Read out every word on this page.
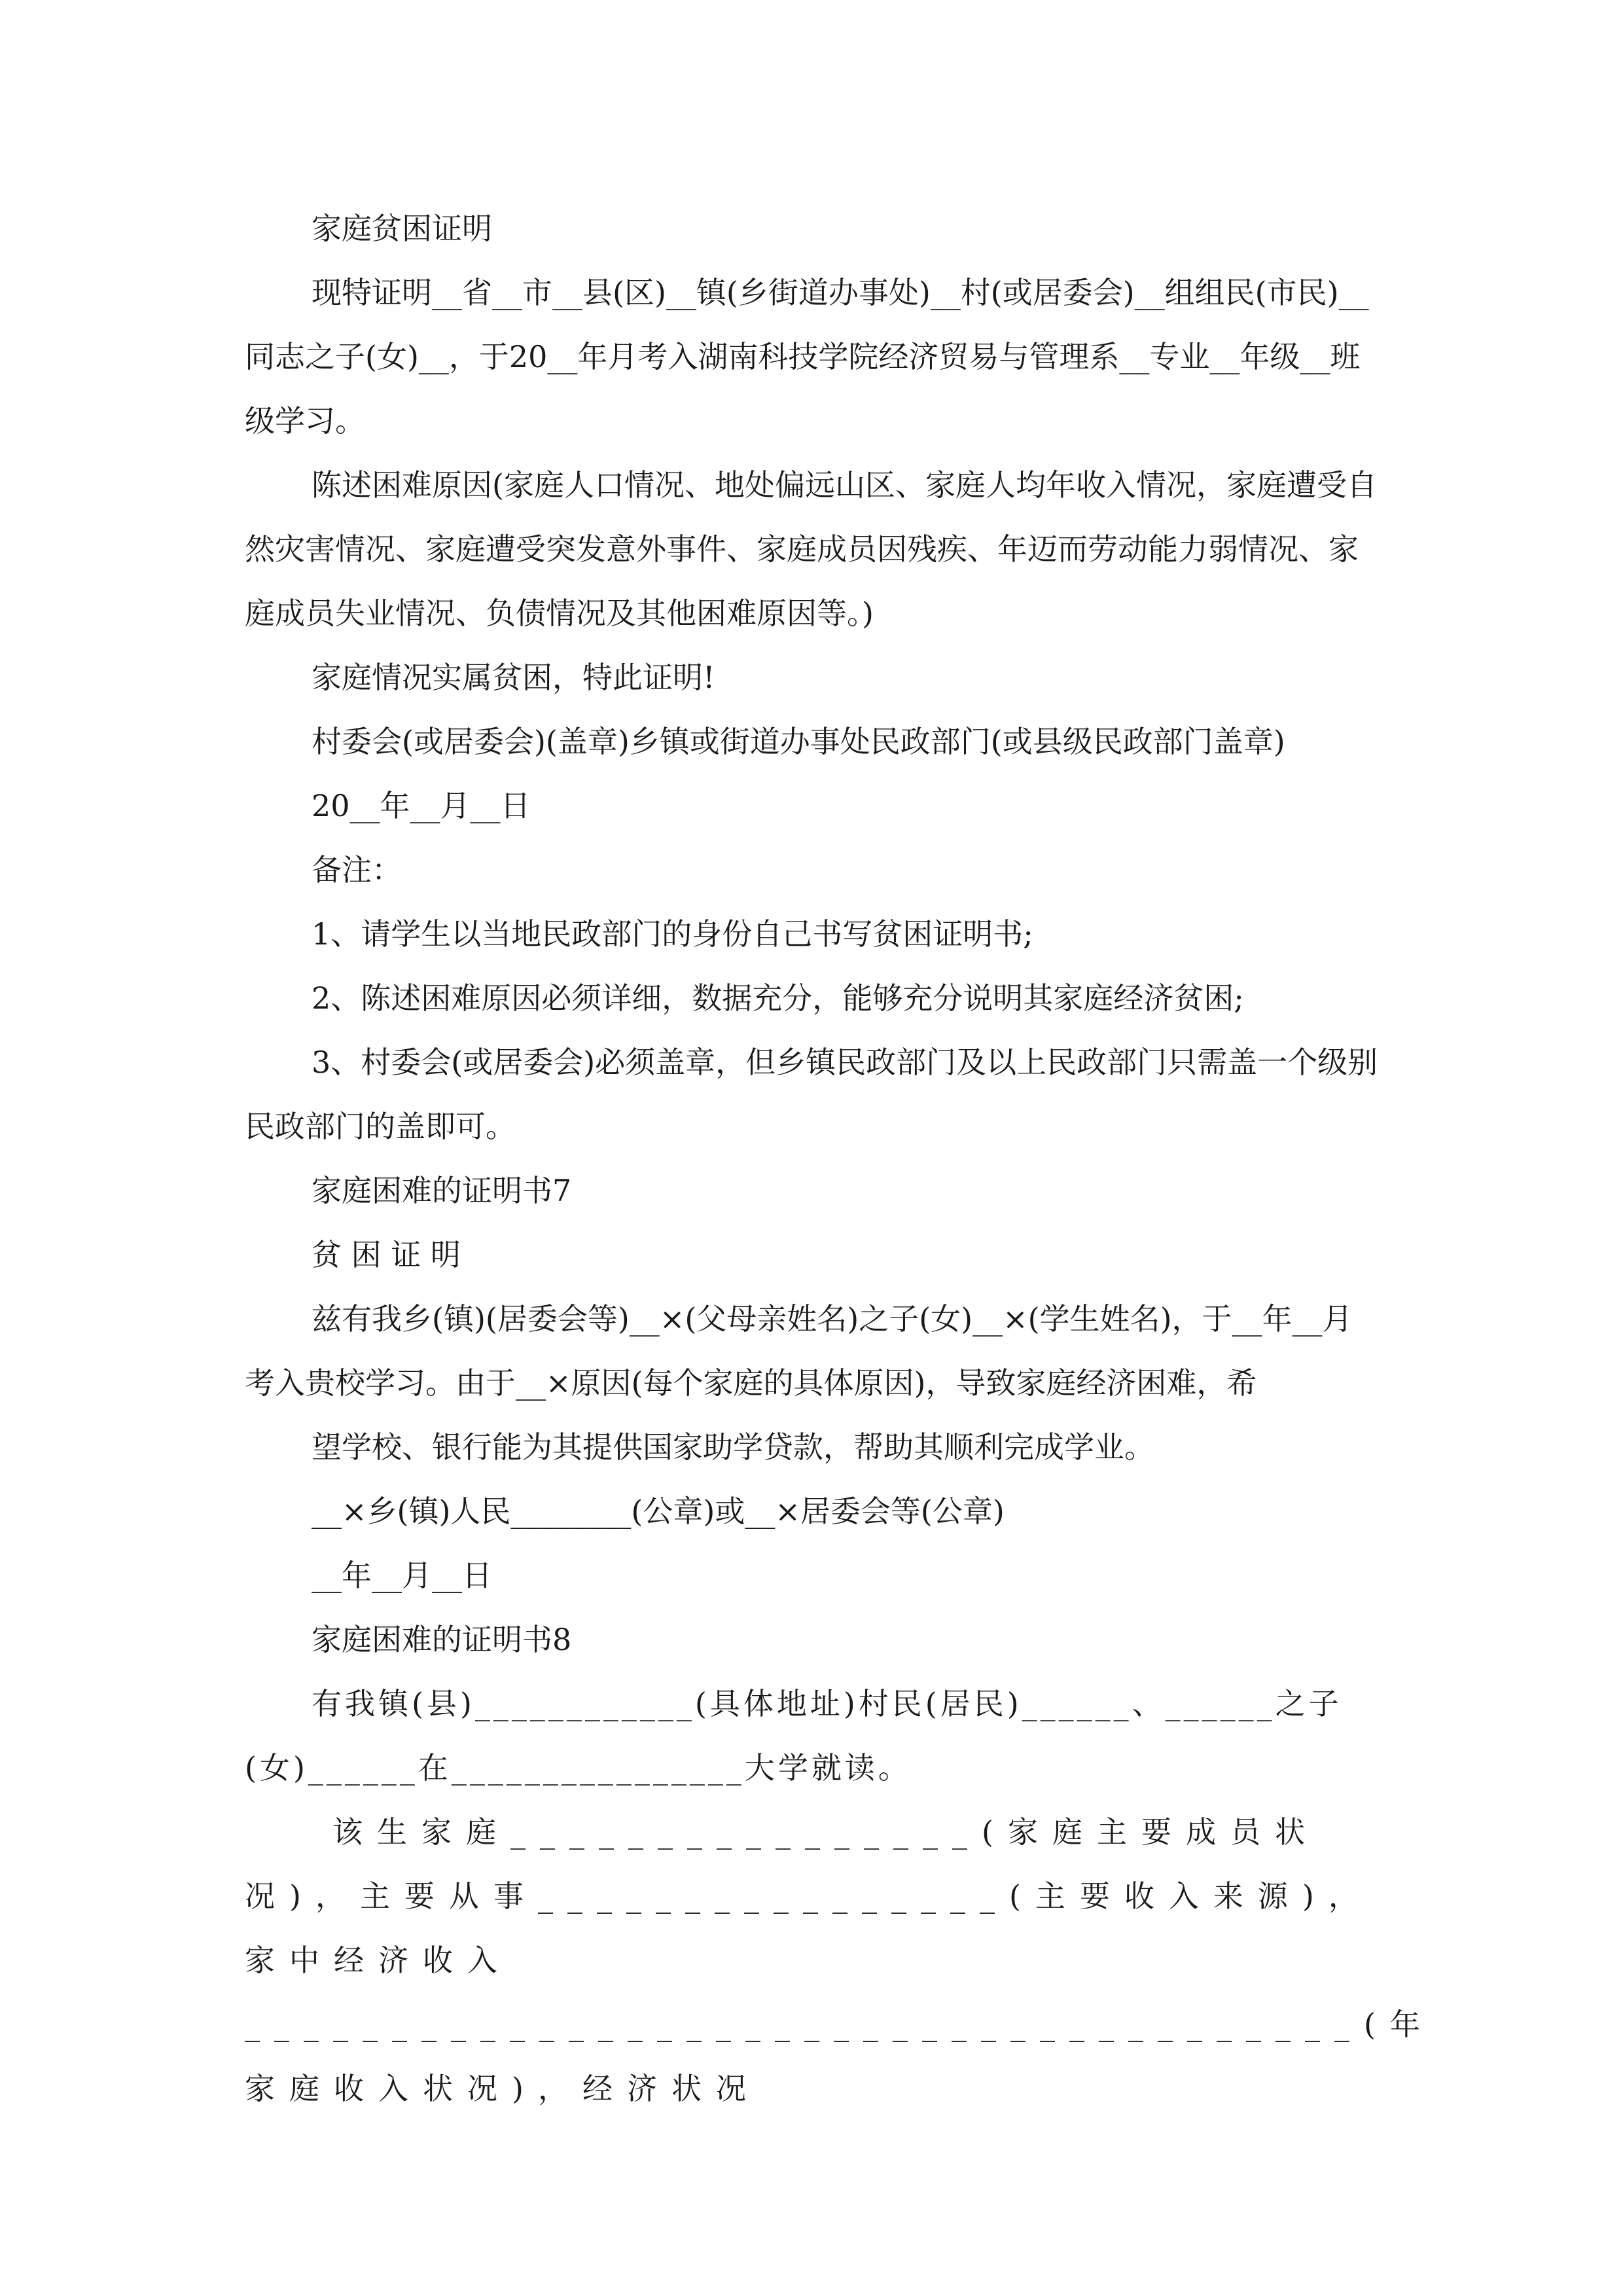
家庭贫困证明

现特证明__省__市__县(区)__镇(乡街道办事处)__村(或居委会)__组组民(市民)__同志之子(女)__，于20__年月考入湖南科技学院经济贸易与管理系__专业__年级__班级学习。

陈述困难原因(家庭人口情况、地处偏远山区、家庭人均年收入情况，家庭遭受自然灾害情况、家庭遭受突发意外事件、家庭成员因残疾、年迈而劳动能力弱情况、家庭成员失业情况、负债情况及其他困难原因等。)

家庭情况实属贫困，特此证明!

村委会(或居委会)(盖章)乡镇或街道办事处民政部门(或县级民政部门盖章)

20__年__月__日

备注：

1、请学生以当地民政部门的身份自己书写贫困证明书;

2、陈述困难原因必须详细，数据充分，能够充分说明其家庭经济贫困;

3、村委会(或居委会)必须盖章，但乡镇民政部门及以上民政部门只需盖一个级别民政部门的盖即可。

家庭困难的证明书7

贫 困 证 明

兹有我乡(镇)(居委会等)__×(父母亲姓名)之子(女)__×(学生姓名)，于__年__月考入贵校学习。由于__×原因(每个家庭的具体原因)，导致家庭经济困难，希

望学校、银行能为其提供国家助学贷款，帮助其顺利完成学业。

__×乡(镇)人民________(公章)或__×居委会等(公章)

__年__月__日

家庭困难的证明书8

有我镇(县)____________(具体地址)村民(居民)______、______之子(女)______在________________大学就读。

该生家庭________________(家庭主要成员状况)，主要从事________________(主要收入来源)，家中经济收入______________________________________(年家庭收入状况)，经济状况
